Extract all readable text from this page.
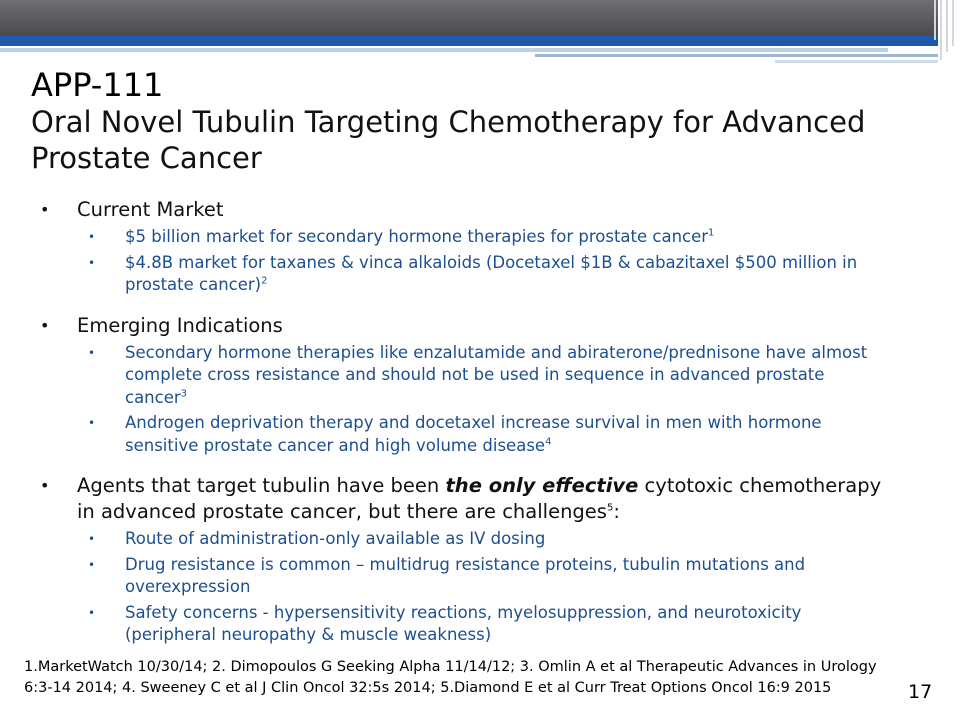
APP-111
Oral Novel Tubulin Targeting Chemotherapy for Advanced Prostate Cancer
• Current Market
• $5 billion market for secondary hormone therapies for prostate cancer$^1$
• $4.8B market for taxanes & vinca alkaloids (Docetaxel $1B & cabazitaxel $500 million in prostate cancer)$^2$
• Emerging Indications
• Secondary hormone therapies like enzalutamide and abiraterone/prednisone have almost complete cross resistance and should not be used in sequence in advanced prostate cancer$^3$
• Androgen deprivation therapy and docetaxel increase survival in men with hormone sensitive prostate cancer and high volume disease$^4$
• Agents that target tubulin have been the only effective cytotoxic chemotherapy in advanced prostate cancer, but there are challenges$^5$:
• Route of administration-only available as IV dosing
• Drug resistance is common – multidrug resistance proteins, tubulin mutations and overexpression
• Safety concerns - hypersensitivity reactions, myelosuppression, and neurotoxicity (peripheral neuropathy & muscle weakness)
1.MarketWatch 10/30/14; 2. Dimopoulos G Seeking Alpha 11/14/12; 3. Omlin A et al Therapeutic Advances in Urology
6:3-14 2014; 4. Sweeney C et al J Clin Oncol 32:5s 2014; 5.Diamond E et al Curr Treat Options Oncol 16:9 2015	17
